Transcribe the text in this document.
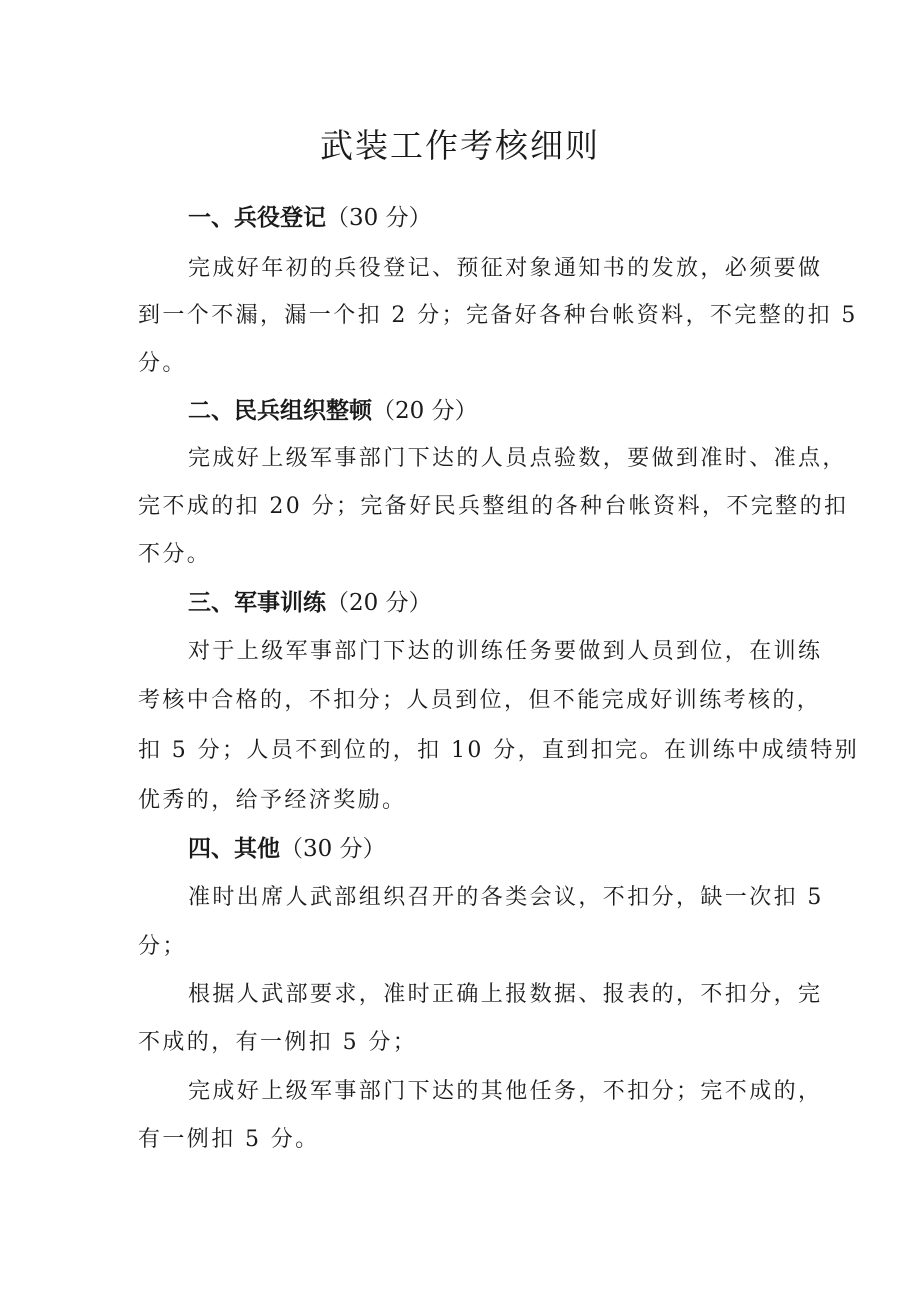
武装工作考核细则
一、兵役登记（30 分）
完成好年初的兵役登记、预征对象通知书的发放，必须要做
到一个不漏，漏一个扣 2 分；完备好各种台帐资料，不完整的扣 5
分。
二、民兵组织整顿（20 分）
完成好上级军事部门下达的人员点验数，要做到准时、准点，
完不成的扣 20 分；完备好民兵整组的各种台帐资料，不完整的扣
不分。
三、军事训练（20 分）
对于上级军事部门下达的训练任务要做到人员到位，在训练
考核中合格的，不扣分；人员到位，但不能完成好训练考核的，
扣 5 分；人员不到位的，扣 10 分，直到扣完。在训练中成绩特别
优秀的，给予经济奖励。
四、其他（30 分）
准时出席人武部组织召开的各类会议，不扣分，缺一次扣 5
分；
根据人武部要求，准时正确上报数据、报表的，不扣分，完
不成的，有一例扣 5 分；
完成好上级军事部门下达的其他任务，不扣分；完不成的，
有一例扣 5 分。
